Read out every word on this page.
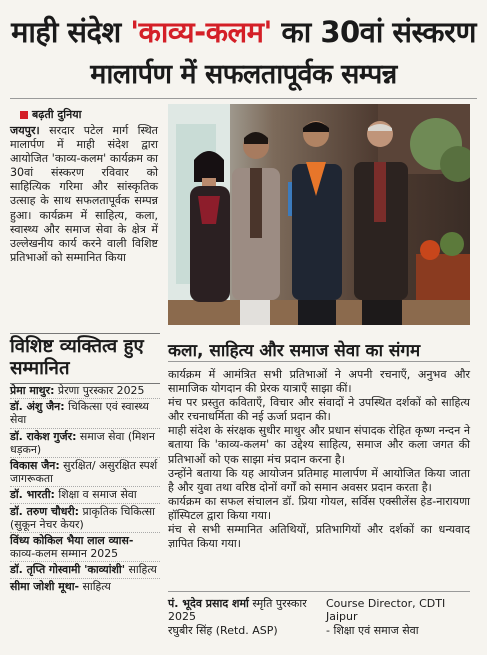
माही संदेश 'काव्य-कलम' का 30वां संस्करण
मालार्पण में सफलतापूर्वक सम्पन्न
बढ़ती दुनिया
जयपुर। सरदार पटेल मार्ग स्थित मालार्पण में माही संदेश द्वारा आयोजित 'काव्य-कलम' कार्यक्रम का 30वां संस्करण रविवार को साहित्यिक गरिमा और सांस्कृतिक उत्साह के साथ सफलतापूर्वक सम्पन्न हुआ। कार्यक्रम में साहित्य, कला, स्वास्थ्य और समाज सेवा के क्षेत्र में उल्लेखनीय कार्य करने वाली विशिष्ट प्रतिभाओं को सम्मानित किया
विशिष्ट व्यक्तित्व हुए सम्मानित
प्रेमा माथुर: प्रेरणा पुरस्कार 2025
डॉ. अंशु जैन: चिकित्सा एवं स्वास्थ्य सेवा
डॉ. राकेश गुर्जर: समाज सेवा (मिशन धड़कन)
विकास जैन: सुरक्षित/ असुरक्षित स्पर्श जागरूकता
डॉ. भारती: शिक्षा व समाज सेवा
डॉ. तरुण चौधरी: प्राकृतिक चिकित्सा (सुकून नेचर केयर)
विंध्य कोकिल भैया लाल व्यास- काव्य-कलम सम्मान 2025
डॉ. तृप्ति गोस्वामी 'काव्यांशी' साहित्य
सीमा जोशी मूथा- साहित्य
कला, साहित्य और समाज सेवा का संगम
कार्यक्रम में आमंत्रित सभी प्रतिभाओं ने अपनी रचनाएँ, अनुभव और सामाजिक योगदान की प्रेरक यात्राएँ साझा कीं।
मंच पर प्रस्तुत कविताएँ, विचार और संवादों ने उपस्थित दर्शकों को साहित्य और रचनाधर्मिता की नई ऊर्जा प्रदान की।
माही संदेश के संरक्षक सुधीर माथुर और प्रधान संपादक रोहित कृष्ण नन्दन ने बताया कि 'काव्य-कलम' का उद्देश्य साहित्य, समाज और कला जगत की प्रतिभाओं को एक साझा मंच प्रदान करना है।
उन्होंने बताया कि यह आयोजन प्रतिमाह मालार्पण में आयोजित किया जाता है और युवा तथा वरिष्ठ दोनों वर्गों को समान अवसर प्रदान करता है।
कार्यक्रम का सफल संचालन डॉ. प्रिया गोयल, सर्विस एक्सीलेंस हेड-नारायणा हॉस्पिटल द्वारा किया गया।
मंच से सभी सम्मानित अतिथियों, प्रतिभागियों और दर्शकों का धन्यवाद ज्ञापित किया गया।
पं. भूदेव प्रसाद शर्मा स्मृति पुरस्कार 2025
रघुबीर सिंह (Retd. ASP)
Course Director, CDTI
Jaipur
- शिक्षा एवं समाज सेवा
